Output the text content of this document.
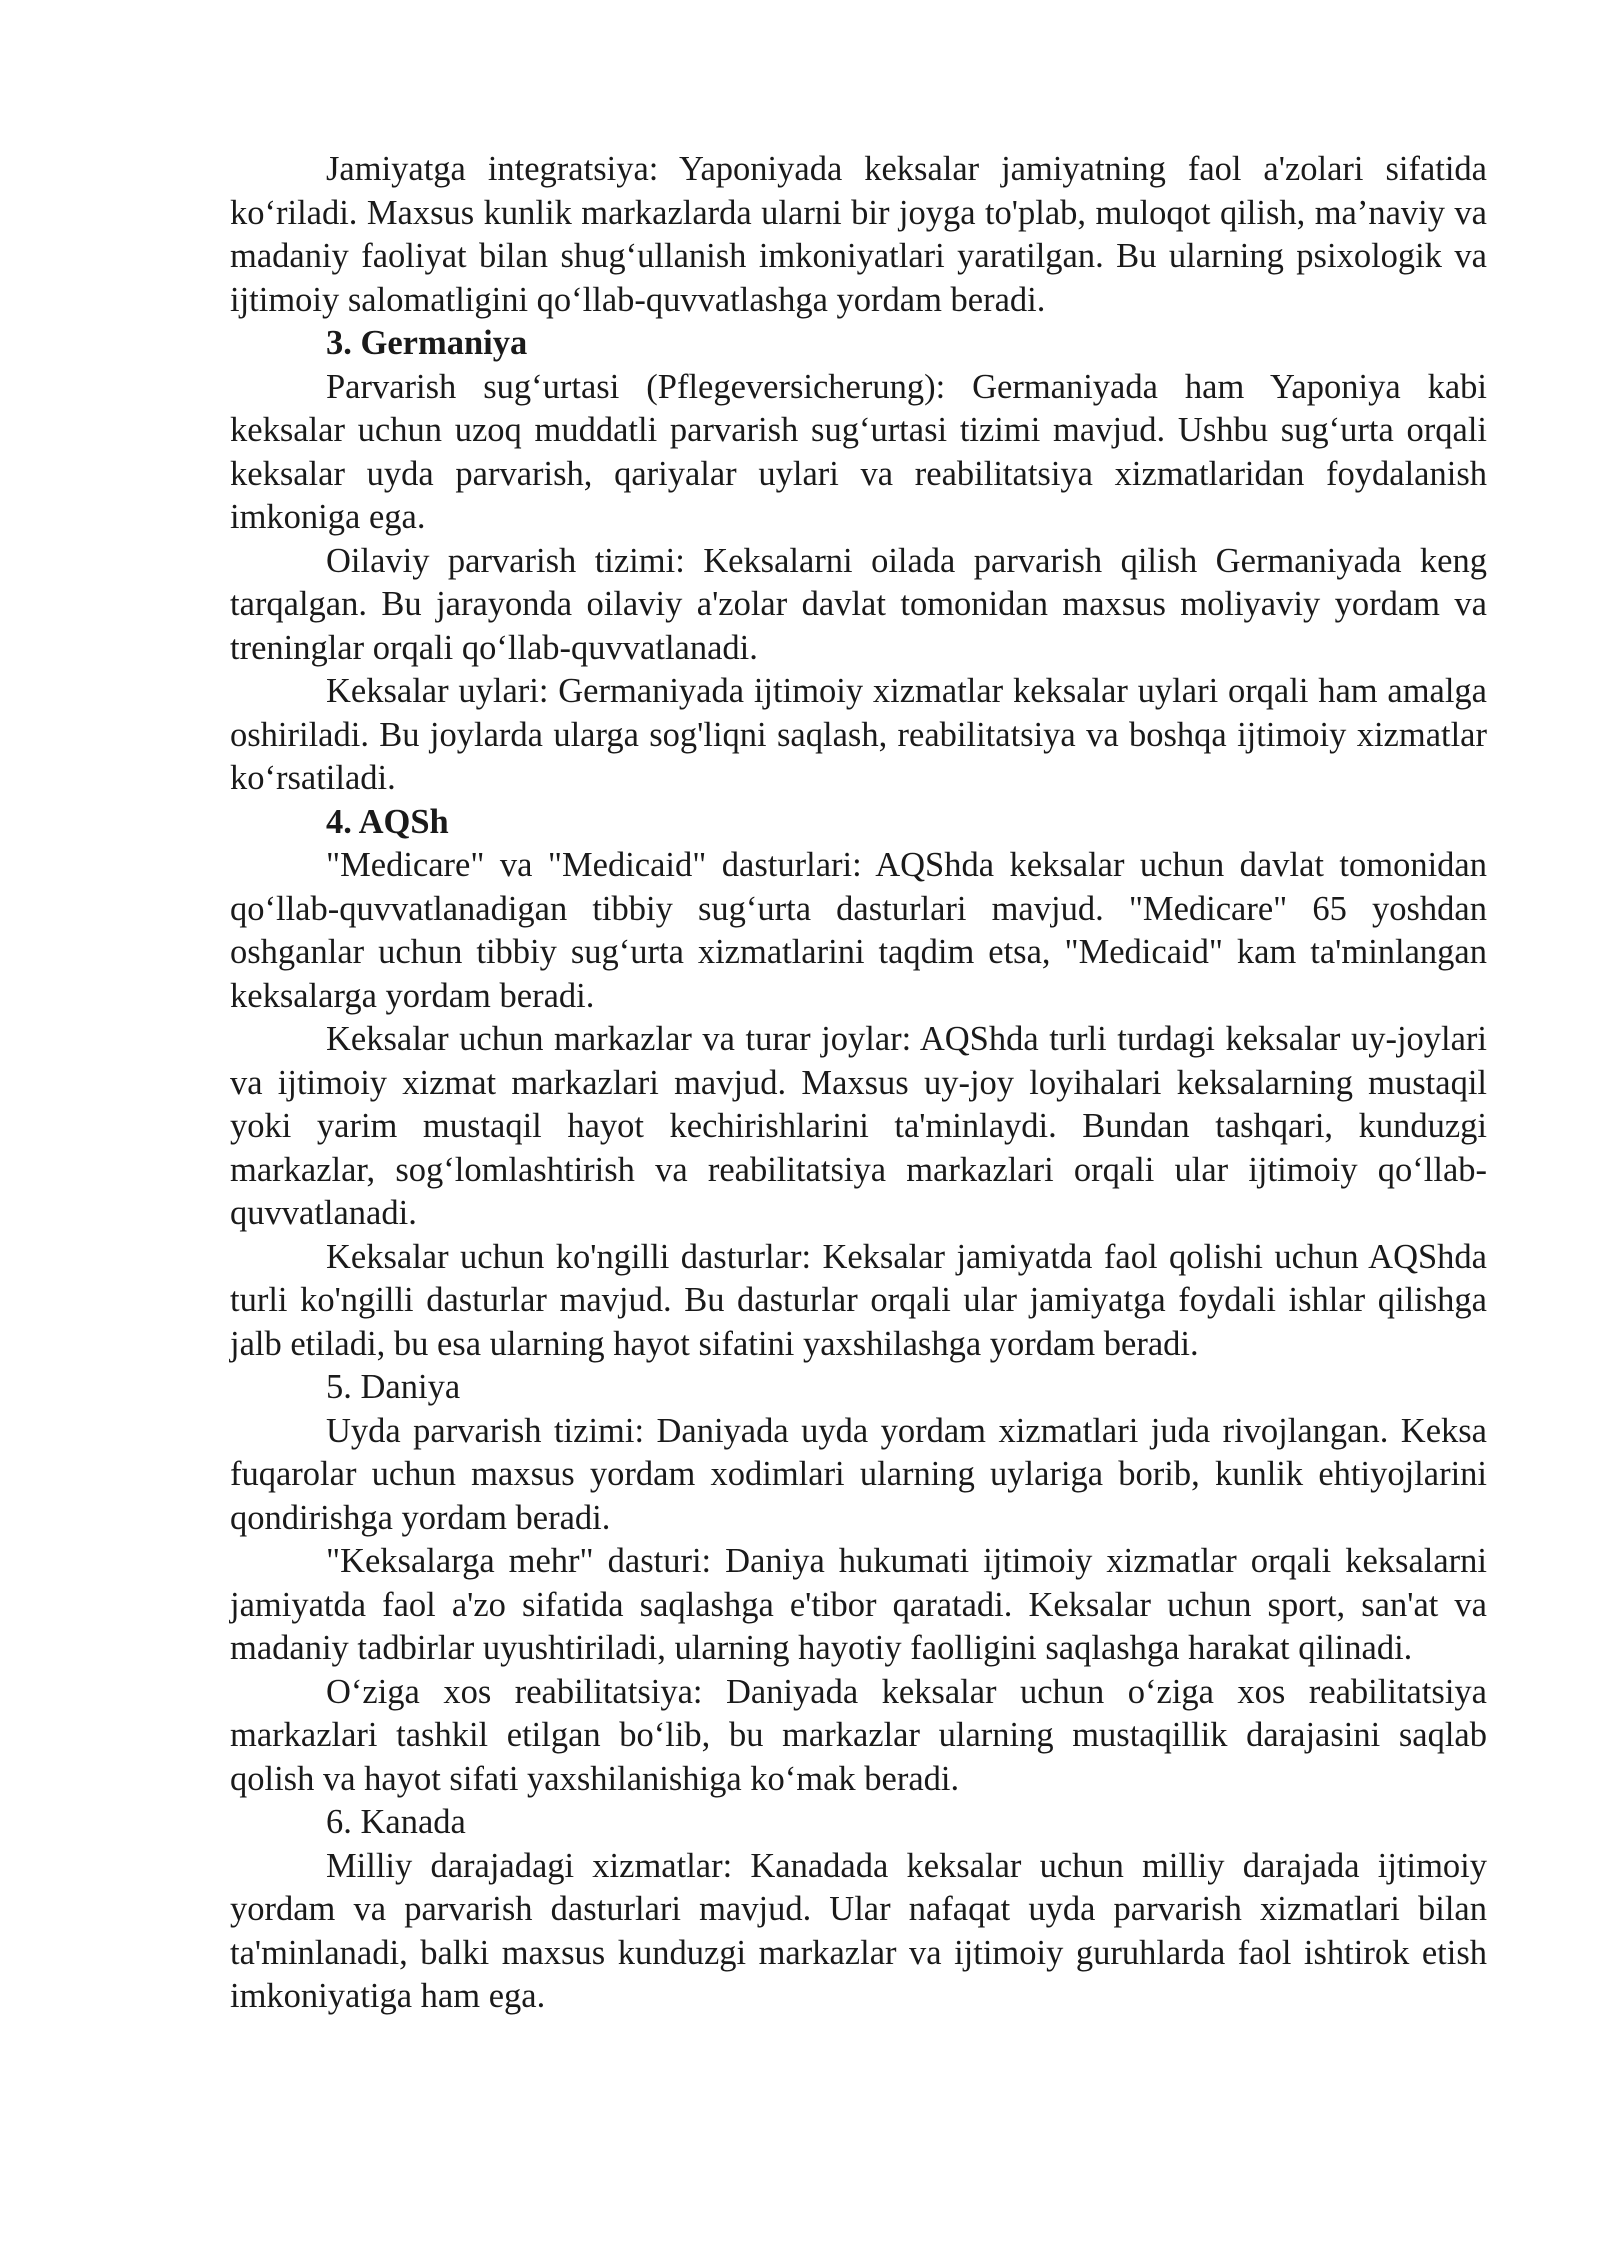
Jamiyatga integratsiya: Yaponiyada keksalar jamiyatning faol a'zolari sifatida ko‘riladi. Maxsus kunlik markazlarda ularni bir joyga to'plab, muloqot qilish, ma’naviy va madaniy faoliyat bilan shug‘ullanish imkoniyatlari yaratilgan. Bu ularning psixologik va ijtimoiy salomatligini qo‘llab-quvvatlashga yordam beradi.

3. Germaniya

Parvarish sug‘urtasi (Pflegeversicherung): Germaniyada ham Yaponiya kabi keksalar uchun uzoq muddatli parvarish sug‘urtasi tizimi mavjud. Ushbu sug‘urta orqali keksalar uyda parvarish, qariyalar uylari va reabilitatsiya xizmatlaridan foydalanish imkoniga ega.

Oilaviy parvarish tizimi: Keksalarni oilada parvarish qilish Germaniyada keng tarqalgan. Bu jarayonda oilaviy a'zolar davlat tomonidan maxsus moliyaviy yordam va treninglar orqali qo‘llab-quvvatlanadi.

Keksalar uylari: Germaniyada ijtimoiy xizmatlar keksalar uylari orqali ham amalga oshiriladi. Bu joylarda ularga sog'liqni saqlash, reabilitatsiya va boshqa ijtimoiy xizmatlar ko‘rsatiladi.

4. AQSh

"Medicare" va "Medicaid" dasturlari: AQShda keksalar uchun davlat tomonidan qo‘llab-quvvatlanadigan tibbiy sug‘urta dasturlari mavjud. "Medicare" 65 yoshdan oshganlar uchun tibbiy sug‘urta xizmatlarini taqdim etsa, "Medicaid" kam ta'minlangan keksalarga yordam beradi.

Keksalar uchun markazlar va turar joylar: AQShda turli turdagi keksalar uy-joylari va ijtimoiy xizmat markazlari mavjud. Maxsus uy-joy loyihalari keksalarning mustaqil yoki yarim mustaqil hayot kechirishlarini ta'minlaydi. Bundan tashqari, kunduzgi markazlar, sog‘lomlashtirish va reabilitatsiya markazlari orqali ular ijtimoiy qo‘llab-quvvatlanadi.

Keksalar uchun ko'ngilli dasturlar: Keksalar jamiyatda faol qolishi uchun AQShda turli ko'ngilli dasturlar mavjud. Bu dasturlar orqali ular jamiyatga foydali ishlar qilishga jalb etiladi, bu esa ularning hayot sifatini yaxshilashga yordam beradi.

5. Daniya

Uyda parvarish tizimi: Daniyada uyda yordam xizmatlari juda rivojlangan. Keksa fuqarolar uchun maxsus yordam xodimlari ularning uylariga borib, kunlik ehtiyojlarini qondirishga yordam beradi.

"Keksalarga mehr" dasturi: Daniya hukumati ijtimoiy xizmatlar orqali keksalarni jamiyatda faol a'zo sifatida saqlashga e'tibor qaratadi. Keksalar uchun sport, san'at va madaniy tadbirlar uyushtiriladi, ularning hayotiy faolligini saqlashga harakat qilinadi.

O‘ziga xos reabilitatsiya: Daniyada keksalar uchun o‘ziga xos reabilitatsiya markazlari tashkil etilgan bo‘lib, bu markazlar ularning mustaqillik darajasini saqlab qolish va hayot sifati yaxshilanishiga ko‘mak beradi.

6. Kanada

Milliy darajadagi xizmatlar: Kanadada keksalar uchun milliy darajada ijtimoiy yordam va parvarish dasturlari mavjud. Ular nafaqat uyda parvarish xizmatlari bilan ta'minlanadi, balki maxsus kunduzgi markazlar va ijtimoiy guruhlarda faol ishtirok etish imkoniyatiga ham ega.
